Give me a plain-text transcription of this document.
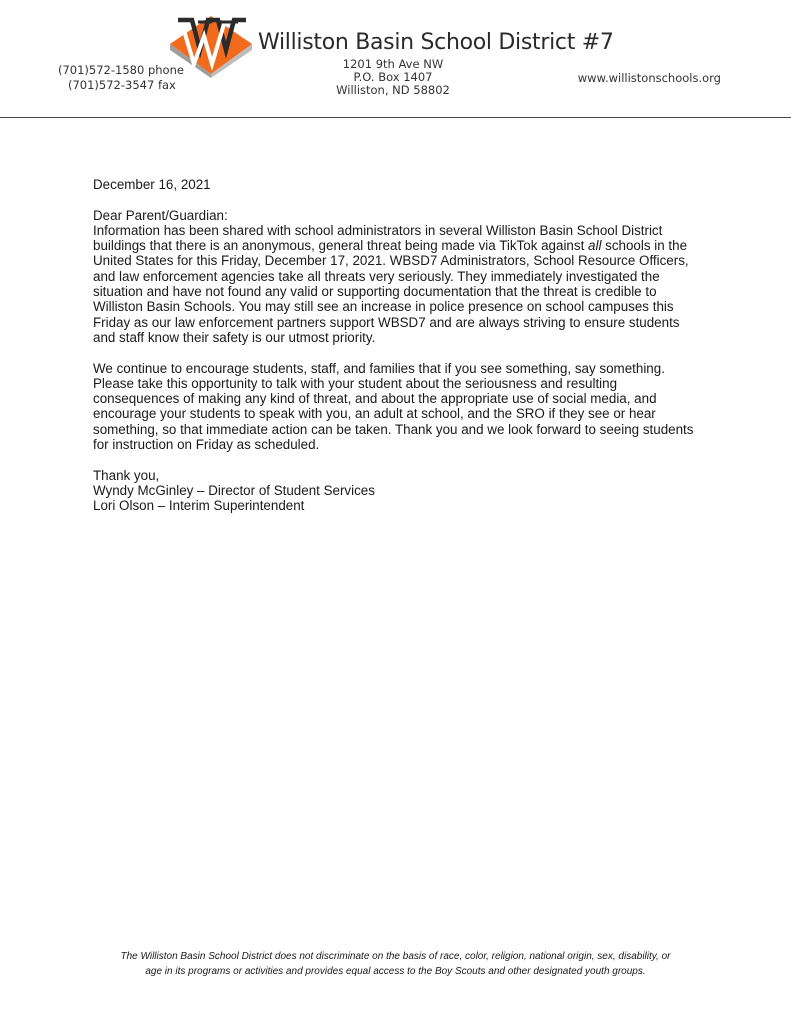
Williston Basin School District #7
1201 9th Ave NW
P.O. Box 1407
Williston, ND 58802
(701)572-1580 phone
(701)572-3547 fax	www.willistonschools.org

December 16, 2021

Dear Parent/Guardian:

Information has been shared with school administrators in several Williston Basin School District buildings that there is an anonymous, general threat being made via TikTok against all schools in the United States for this Friday, December 17, 2021. WBSD7 Administrators, School Resource Officers, and law enforcement agencies take all threats very seriously. They immediately investigated the situation and have not found any valid or supporting documentation that the threat is credible to Williston Basin Schools. You may still see an increase in police presence on school campuses this Friday as our law enforcement partners support WBSD7 and are always striving to ensure students and staff know their safety is our utmost priority.

We continue to encourage students, staff, and families that if you see something, say something. Please take this opportunity to talk with your student about the seriousness and resulting consequences of making any kind of threat, and about the appropriate use of social media, and encourage your students to speak with you, an adult at school, and the SRO if they see or hear something, so that immediate action can be taken. Thank you and we look forward to seeing students for instruction on Friday as scheduled.

Thank you,

Wyndy McGinley – Director of Student Services

Lori Olson – Interim Superintendent

The Williston Basin School District does not discriminate on the basis of race, color, religion, national origin, sex, disability, or
age in its programs or activities and provides equal access to the Boy Scouts and other designated youth groups.
